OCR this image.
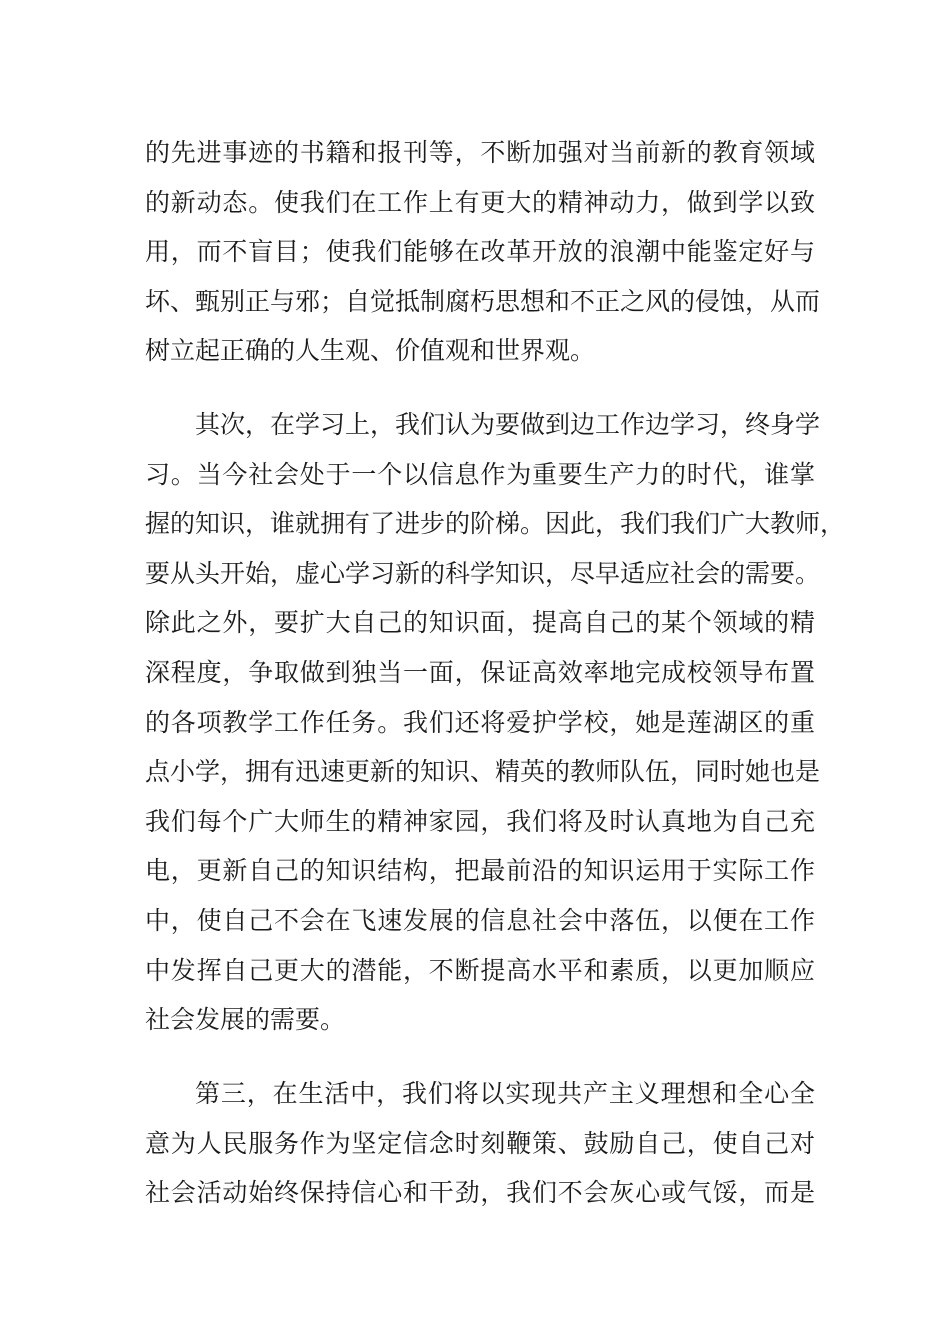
的先进事迹的书籍和报刊等，不断加强对当前新的教育领域
的新动态。使我们在工作上有更大的精神动力，做到学以致
用，而不盲目；使我们能够在改革开放的浪潮中能鉴定好与
坏、甄别正与邪；自觉抵制腐朽思想和不正之风的侵蚀，从而
树立起正确的人生观、价值观和世界观。
其次，在学习上，我们认为要做到边工作边学习，终身学
习。当今社会处于一个以信息作为重要生产力的时代，谁掌
握的知识，谁就拥有了进步的阶梯。因此，我们我们广大教师，
要从头开始，虚心学习新的科学知识，尽早适应社会的需要。
除此之外，要扩大自己的知识面，提高自己的某个领域的精
深程度，争取做到独当一面，保证高效率地完成校领导布置
的各项教学工作任务。我们还将爱护学校，她是莲湖区的重
点小学，拥有迅速更新的知识、精英的教师队伍，同时她也是
我们每个广大师生的精神家园，我们将及时认真地为自己充
电，更新自己的知识结构，把最前沿的知识运用于实际工作
中，使自己不会在飞速发展的信息社会中落伍，以便在工作
中发挥自己更大的潜能，不断提高水平和素质，以更加顺应
社会发展的需要。
第三，在生活中，我们将以实现共产主义理想和全心全
意为人民服务作为坚定信念时刻鞭策、鼓励自己，使自己对
社会活动始终保持信心和干劲，我们不会灰心或气馁，而是
